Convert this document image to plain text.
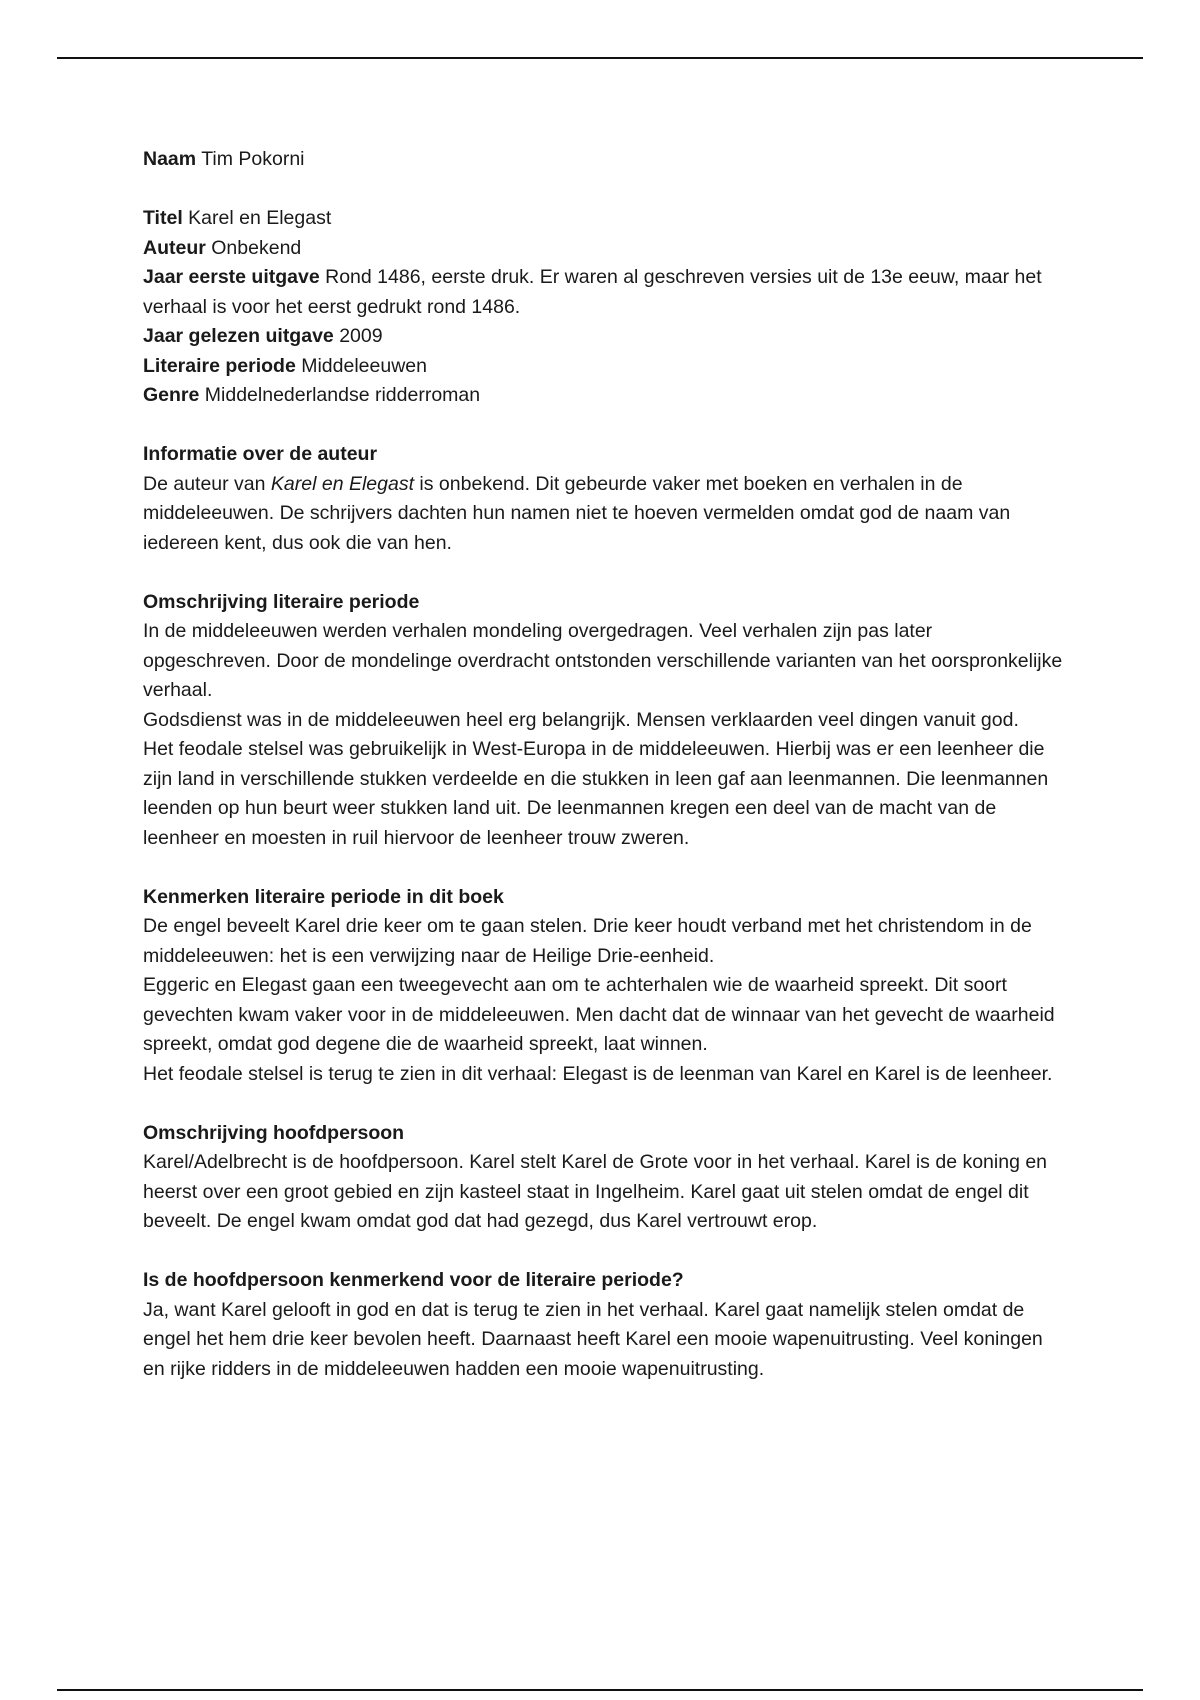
Naam Tim Pokorni

Titel Karel en Elegast

Auteur Onbekend

Jaar eerste uitgave Rond 1486, eerste druk. Er waren al geschreven versies uit de 13e eeuw, maar het verhaal is voor het eerst gedrukt rond 1486.

Jaar gelezen uitgave 2009

Literaire periode Middeleeuwen

Genre Middelnederlandse ridderroman

Informatie over de auteur

De auteur van Karel en Elegast is onbekend. Dit gebeurde vaker met boeken en verhalen in de middeleeuwen. De schrijvers dachten hun namen niet te hoeven vermelden omdat god de naam van iedereen kent, dus ook die van hen.

Omschrijving literaire periode

In de middeleeuwen werden verhalen mondeling overgedragen. Veel verhalen zijn pas later opgeschreven. Door de mondelinge overdracht ontstonden verschillende varianten van het oorspronkelijke verhaal.

Godsdienst was in de middeleeuwen heel erg belangrijk. Mensen verklaarden veel dingen vanuit god.

Het feodale stelsel was gebruikelijk in West-Europa in de middeleeuwen. Hierbij was er een leenheer die zijn land in verschillende stukken verdeelde en die stukken in leen gaf aan leenmannen. Die leenmannen leenden op hun beurt weer stukken land uit. De leenmannen kregen een deel van de macht van de leenheer en moesten in ruil hiervoor de leenheer trouw zweren.

Kenmerken literaire periode in dit boek

De engel beveelt Karel drie keer om te gaan stelen. Drie keer houdt verband met het christendom in de middeleeuwen: het is een verwijzing naar de Heilige Drie-eenheid.

Eggeric en Elegast gaan een tweegevecht aan om te achterhalen wie de waarheid spreekt. Dit soort gevechten kwam vaker voor in de middeleeuwen. Men dacht dat de winnaar van het gevecht de waarheid spreekt, omdat god degene die de waarheid spreekt, laat winnen.

Het feodale stelsel is terug te zien in dit verhaal: Elegast is de leenman van Karel en Karel is de leenheer.

Omschrijving hoofdpersoon

Karel/Adelbrecht is de hoofdpersoon. Karel stelt Karel de Grote voor in het verhaal. Karel is de koning en heerst over een groot gebied en zijn kasteel staat in Ingelheim. Karel gaat uit stelen omdat de engel dit beveelt. De engel kwam omdat god dat had gezegd, dus Karel vertrouwt erop.

Is de hoofdpersoon kenmerkend voor de literaire periode?

Ja, want Karel gelooft in god en dat is terug te zien in het verhaal. Karel gaat namelijk stelen omdat de engel het hem drie keer bevolen heeft. Daarnaast heeft Karel een mooie wapenuitrusting. Veel koningen en rijke ridders in de middeleeuwen hadden een mooie wapenuitrusting.
